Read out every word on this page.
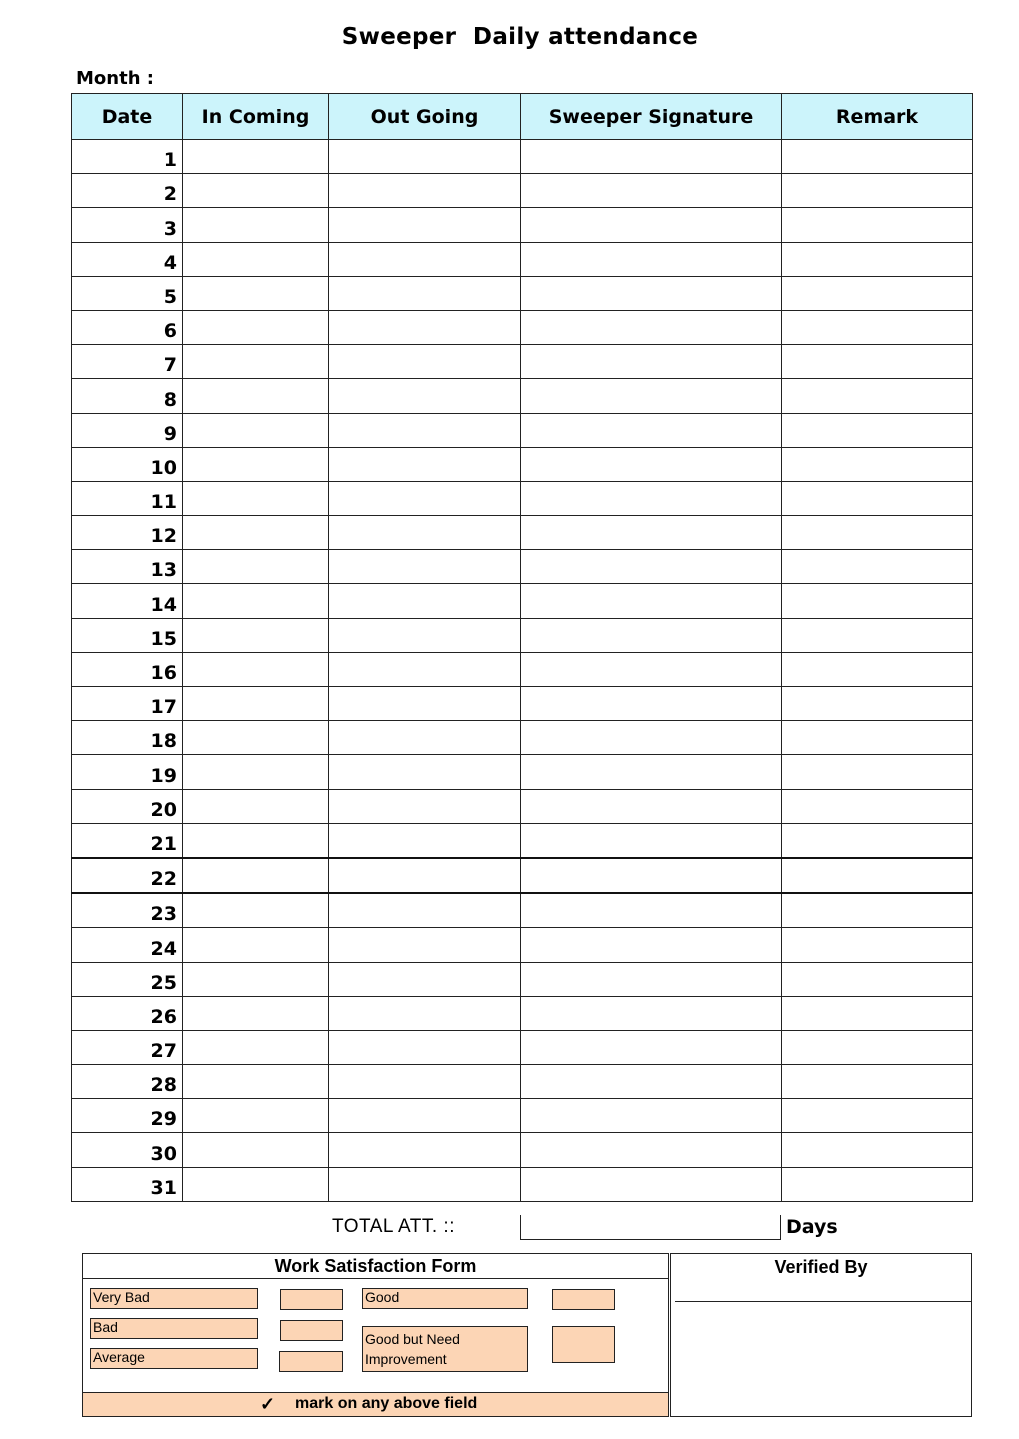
Sweeper  Daily attendance
Month :
Date	In Coming	Out Going	Sweeper Signature	Remark
1				
2				
3				
4				
5				
6				
7				
8				
9				
10				
11				
12				
13				
14				
15				
16				
17				
18				
19				
20				
21				
22				
23				
24				
25				
26				
27				
28				
29				
30				
31				
TOTAL ATT. ::	Days
Work Satisfaction Form
Very Bad
Bad
Average
Good
Good but Need
Improvement
✓ mark on any above field
Verified By
